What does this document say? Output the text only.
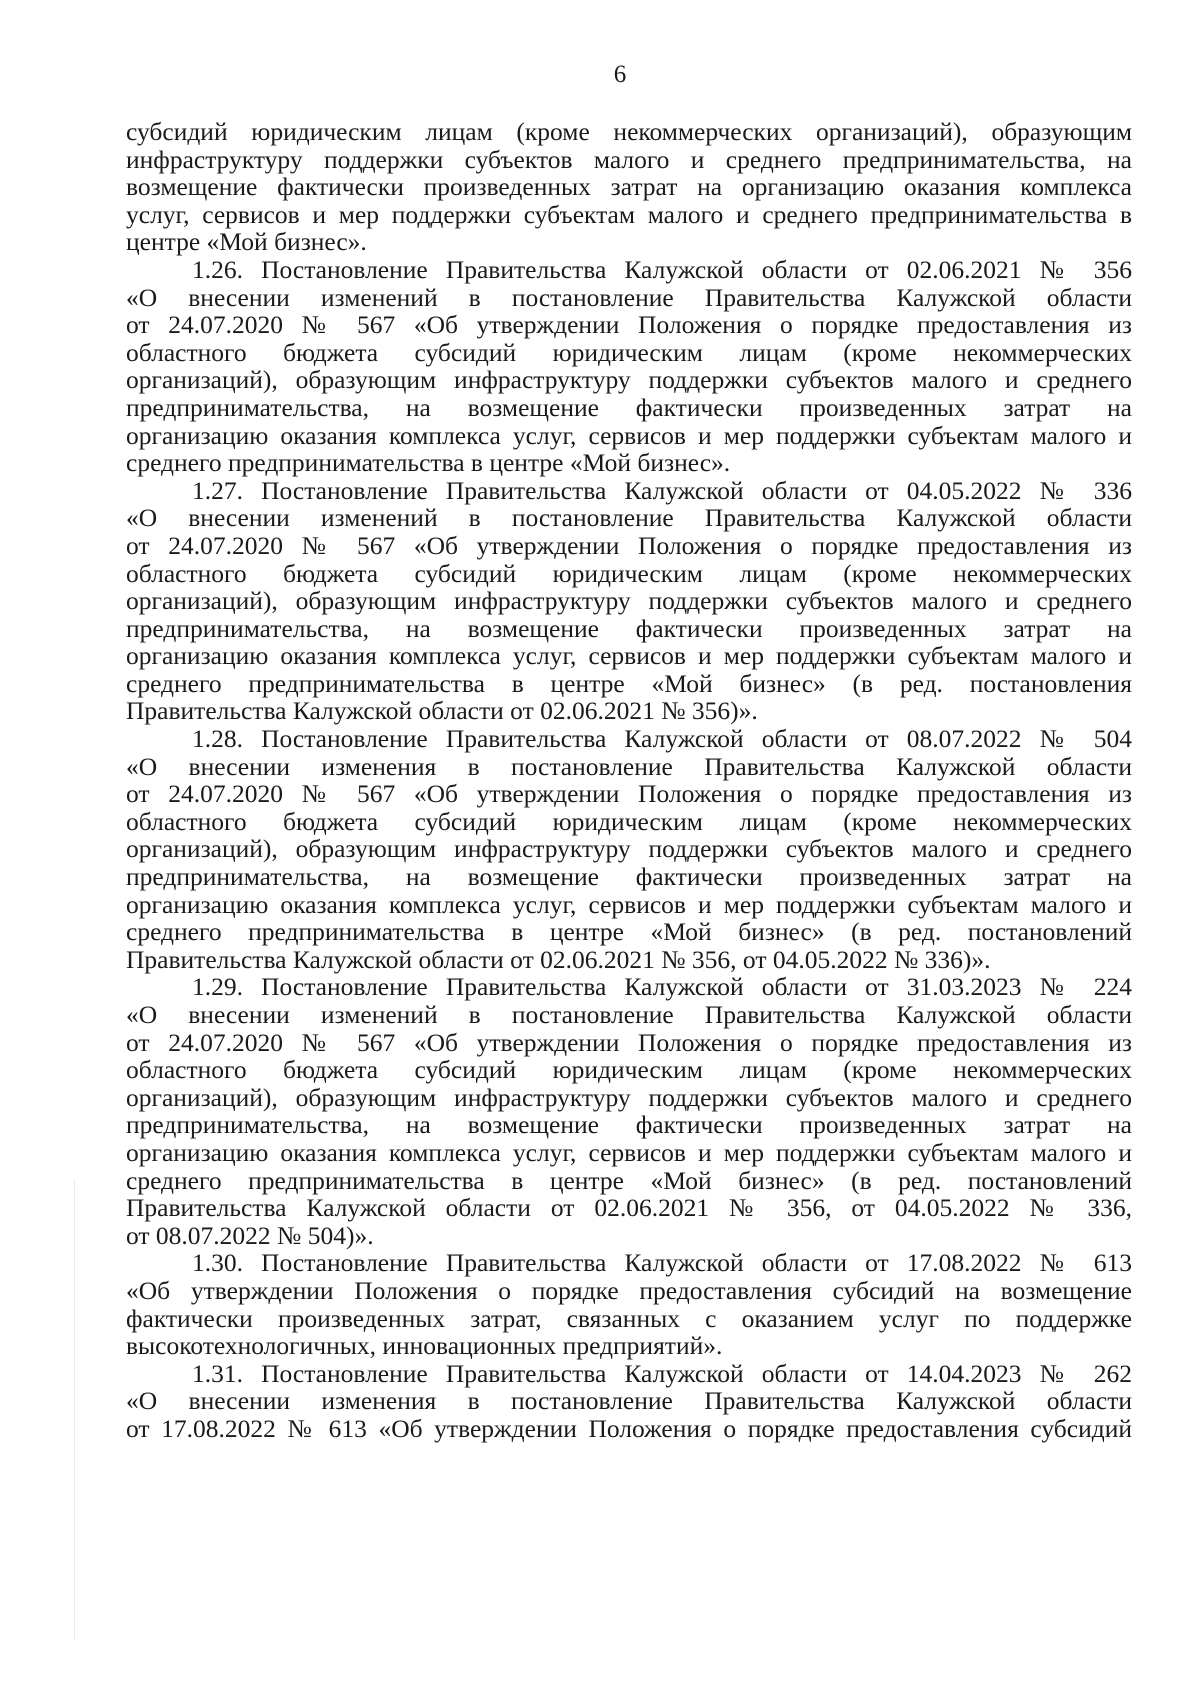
6
субсидий юридическим лицам (кроме некоммерческих организаций), образующим
инфраструктуру поддержки субъектов малого и среднего предпринимательства, на
возмещение фактически произведенных затрат на организацию оказания комплекса
услуг, сервисов и мер поддержки субъектам малого и среднего предпринимательства в
центре «Мой бизнес».
1.26. Постановление Правительства Калужской области от 02.06.2021 № 356
«О внесении изменений в постановление Правительства Калужской области
от 24.07.2020 № 567 «Об утверждении Положения о порядке предоставления из
областного бюджета субсидий юридическим лицам (кроме некоммерческих
организаций), образующим инфраструктуру поддержки субъектов малого и среднего
предпринимательства, на возмещение фактически произведенных затрат на
организацию оказания комплекса услуг, сервисов и мер поддержки субъектам малого и
среднего предпринимательства в центре «Мой бизнес».
1.27. Постановление Правительства Калужской области от 04.05.2022 № 336
«О внесении изменений в постановление Правительства Калужской области
от 24.07.2020 № 567 «Об утверждении Положения о порядке предоставления из
областного бюджета субсидий юридическим лицам (кроме некоммерческих
организаций), образующим инфраструктуру поддержки субъектов малого и среднего
предпринимательства, на возмещение фактически произведенных затрат на
организацию оказания комплекса услуг, сервисов и мер поддержки субъектам малого и
среднего предпринимательства в центре «Мой бизнес» (в ред. постановления
Правительства Калужской области от 02.06.2021 № 356)».
1.28. Постановление Правительства Калужской области от 08.07.2022 № 504
«О внесении изменения в постановление Правительства Калужской области
от 24.07.2020 № 567 «Об утверждении Положения о порядке предоставления из
областного бюджета субсидий юридическим лицам (кроме некоммерческих
организаций), образующим инфраструктуру поддержки субъектов малого и среднего
предпринимательства, на возмещение фактически произведенных затрат на
организацию оказания комплекса услуг, сервисов и мер поддержки субъектам малого и
среднего предпринимательства в центре «Мой бизнес» (в ред. постановлений
Правительства Калужской области от 02.06.2021 № 356, от 04.05.2022 № 336)».
1.29. Постановление Правительства Калужской области от 31.03.2023 № 224
«О внесении изменений в постановление Правительства Калужской области
от 24.07.2020 № 567 «Об утверждении Положения о порядке предоставления из
областного бюджета субсидий юридическим лицам (кроме некоммерческих
организаций), образующим инфраструктуру поддержки субъектов малого и среднего
предпринимательства, на возмещение фактически произведенных затрат на
организацию оказания комплекса услуг, сервисов и мер поддержки субъектам малого и
среднего предпринимательства в центре «Мой бизнес» (в ред. постановлений
Правительства Калужской области от 02.06.2021 № 356, от 04.05.2022 № 336,
от 08.07.2022 № 504)».
1.30. Постановление Правительства Калужской области от 17.08.2022 № 613
«Об утверждении Положения о порядке предоставления субсидий на возмещение
фактически произведенных затрат, связанных с оказанием услуг по поддержке
высокотехнологичных, инновационных предприятий».
1.31. Постановление Правительства Калужской области от 14.04.2023 № 262
«О внесении изменения в постановление Правительства Калужской области
от 17.08.2022 № 613 «Об утверждении Положения о порядке предоставления субсидий
